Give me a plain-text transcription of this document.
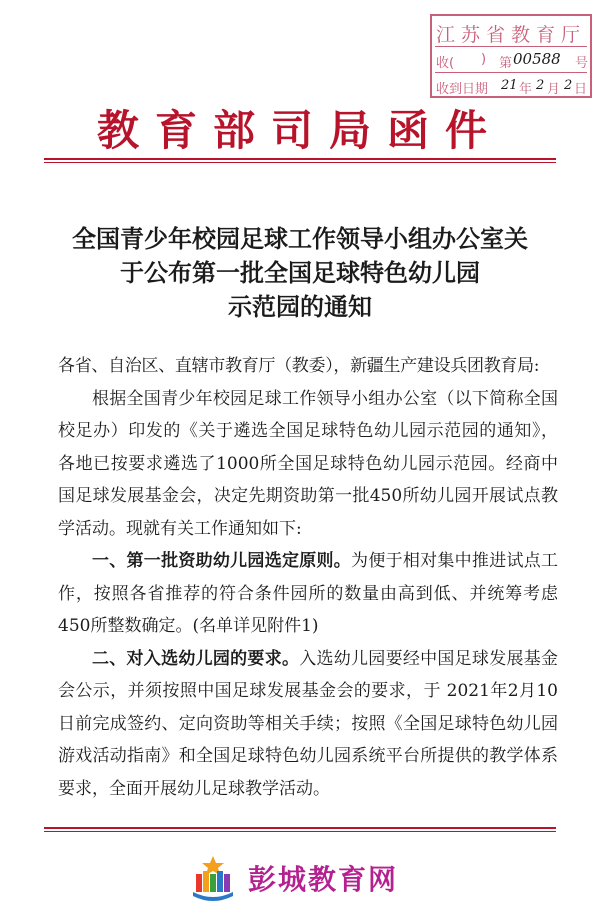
江苏省教育厅
收( ) 第 00588 号
收到日期 21 年 2 月 2 日
教育部司局函件
全国青少年校园足球工作领导小组办公室关
于公布第一批全国足球特色幼儿园
示范园的通知

各省、自治区、直辖市教育厅（教委），新疆生产建设兵团教育局:

根据全国青少年校园足球工作领导小组办公室（以下简称全国校足办）印发的《关于遴选全国足球特色幼儿园示范园的通知》，各地已按要求遴选了1000所全国足球特色幼儿园示范园。经商中国足球发展基金会，决定先期资助第一批450所幼儿园开展试点教学活动。现就有关工作通知如下:

一、第一批资助幼儿园选定原则。为便于相对集中推进试点工作，按照各省推荐的符合条件园所的数量由高到低、并统筹考虑450所整数确定。(名单详见附件1)

二、对入选幼儿园的要求。入选幼儿园要经中国足球发展基金会公示，并须按照中国足球发展基金会的要求，于 2021年2月10日前完成签约、定向资助等相关手续；按照《全国足球特色幼儿园游戏活动指南》和全国足球特色幼儿园系统平台所提供的教学体系要求，全面开展幼儿足球教学活动。

彭城教育网
